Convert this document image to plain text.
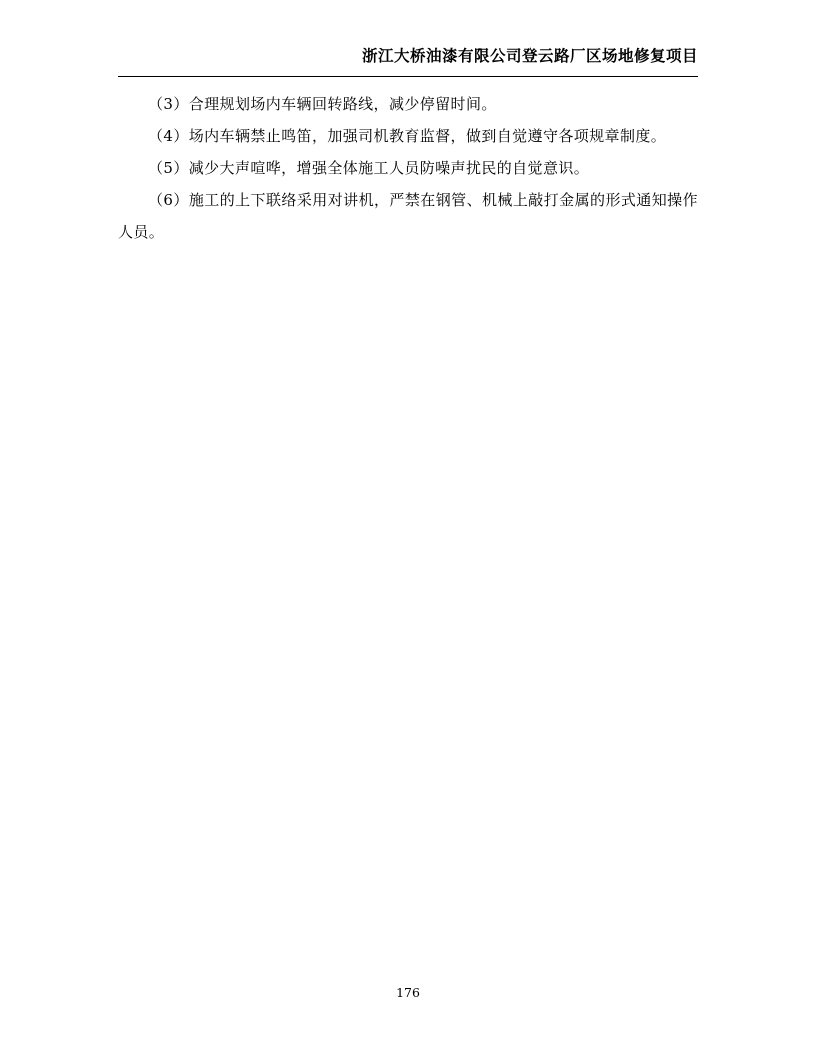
浙江大桥油漆有限公司登云路厂区场地修复项目

（3）合理规划场内车辆回转路线，减少停留时间。

（4）场内车辆禁止鸣笛，加强司机教育监督，做到自觉遵守各项规章制度。

（5）减少大声喧哗，增强全体施工人员防噪声扰民的自觉意识。

（6）施工的上下联络采用对讲机，严禁在钢管、机械上敲打金属的形式通知操作人员。

176
